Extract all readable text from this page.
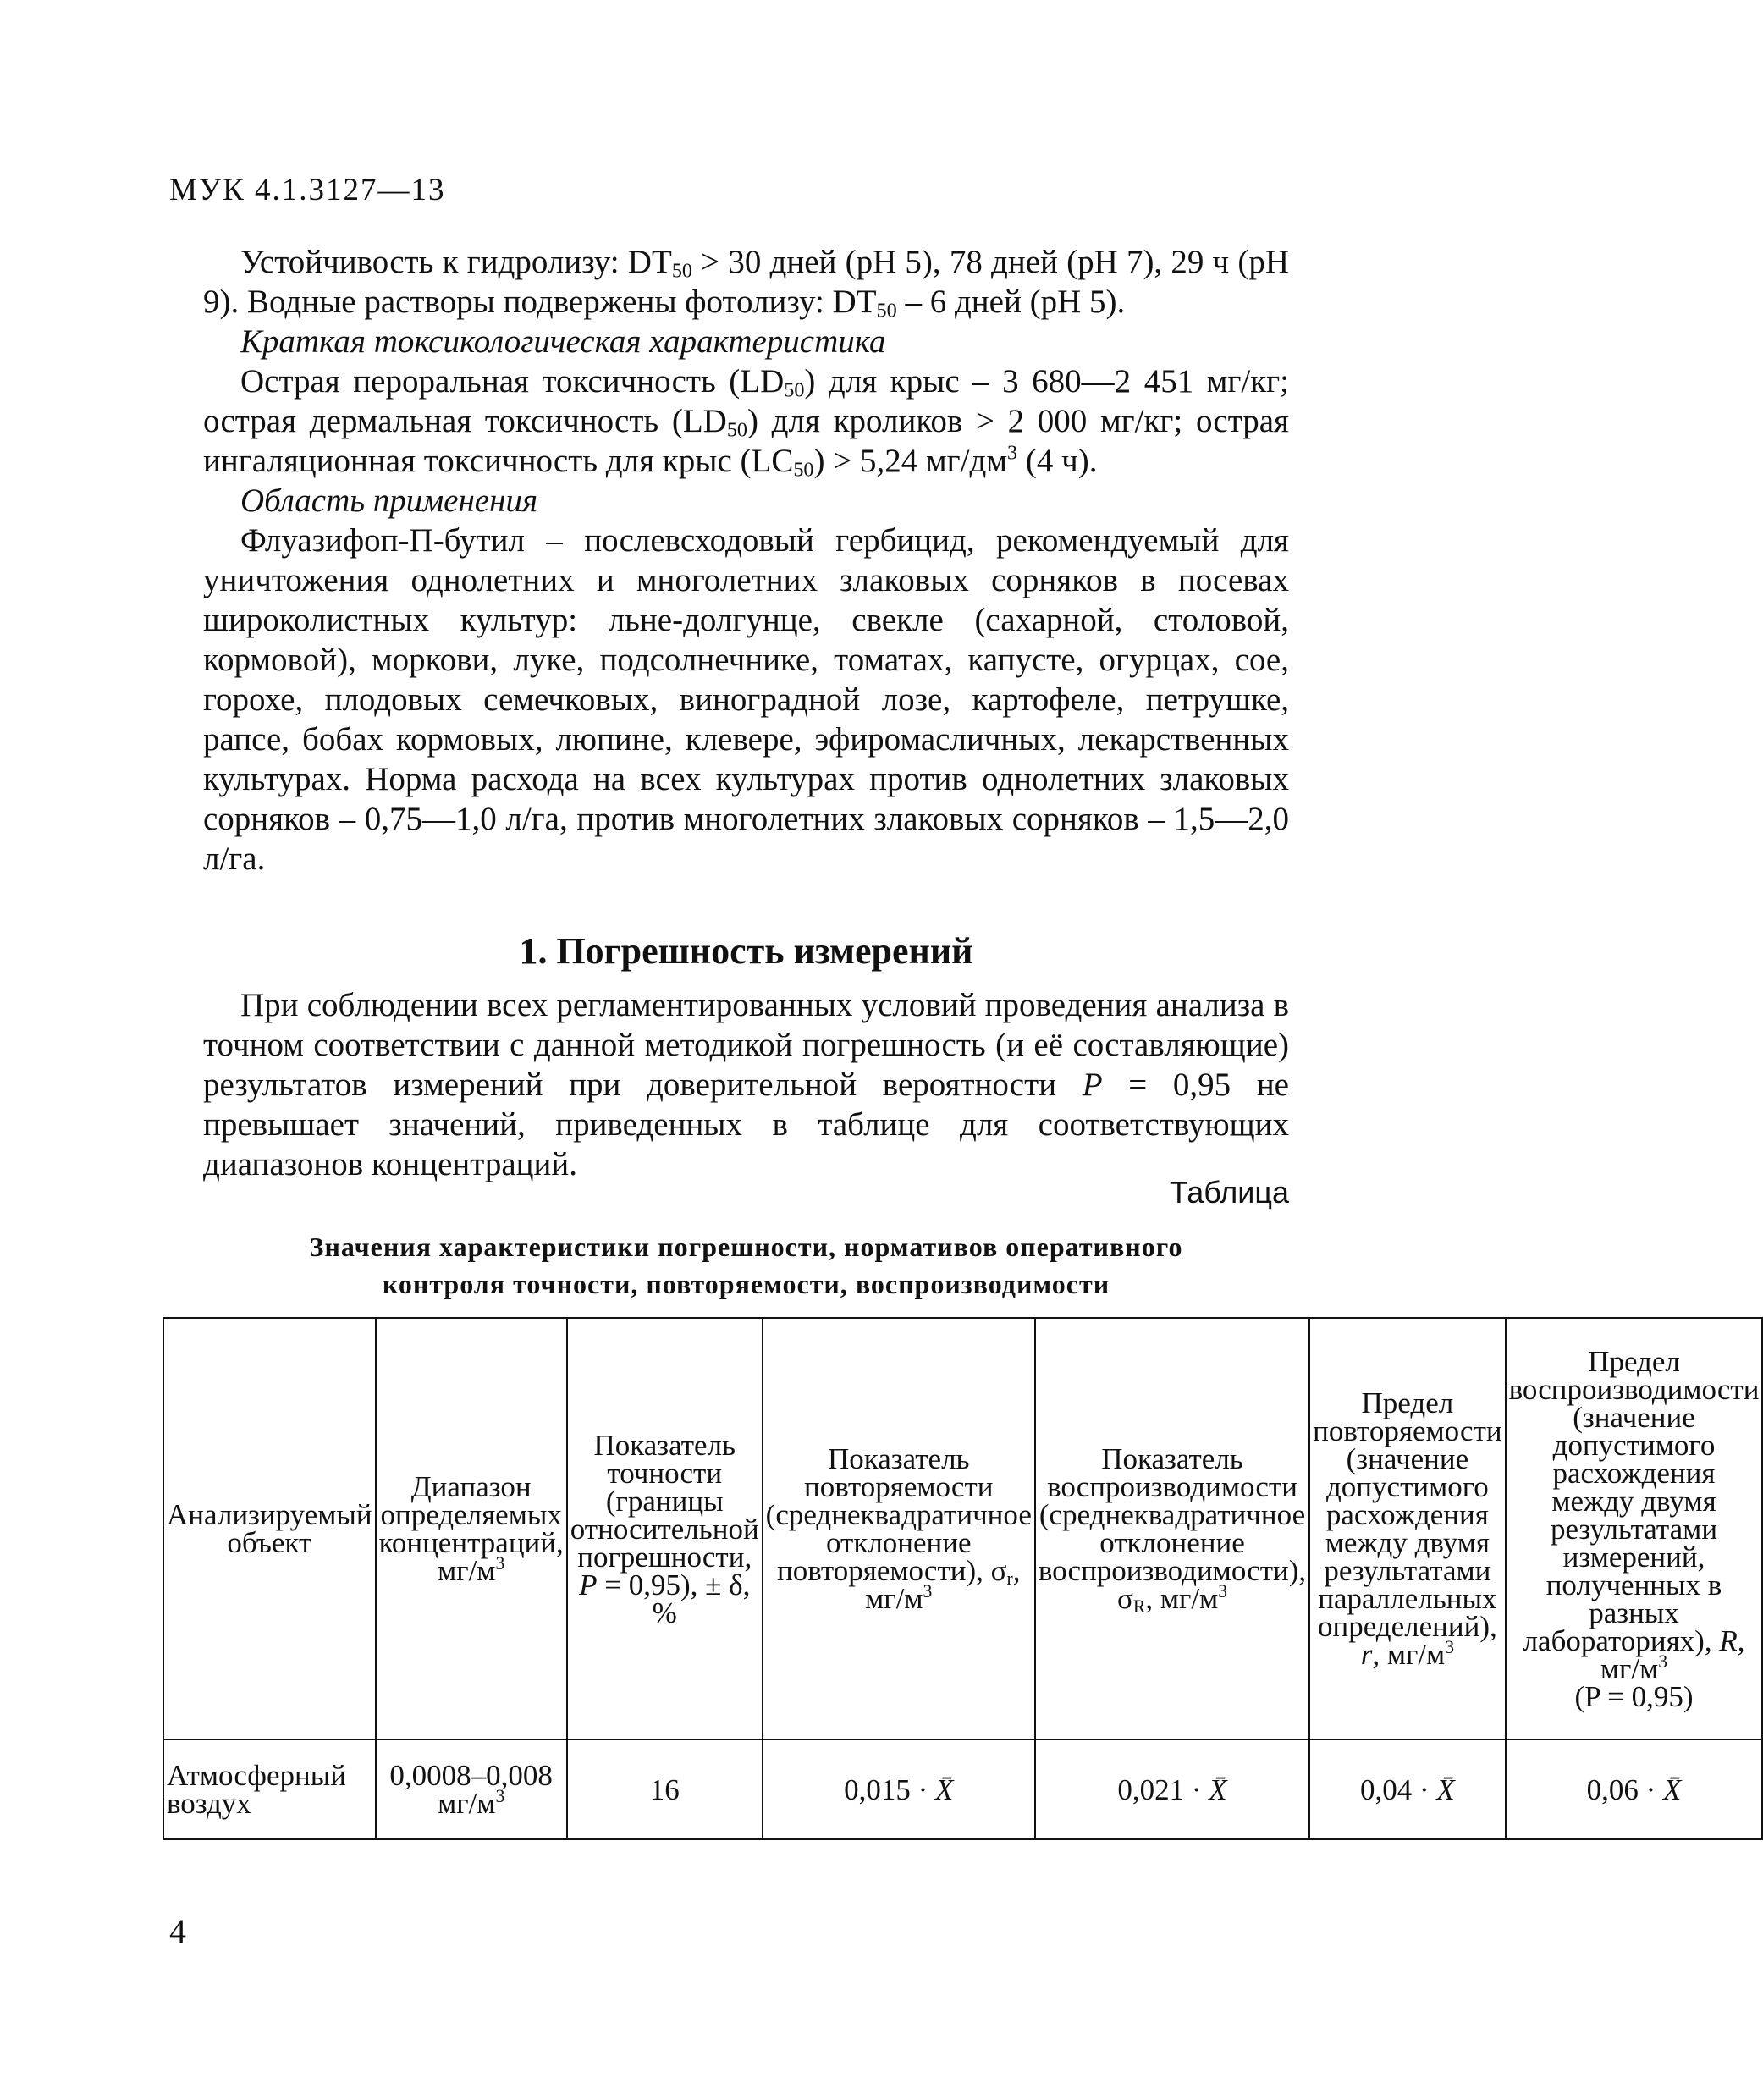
МУК 4.1.3127—13

Устойчивость к гидролизу: $DT_{50} > 30$ дней (pH 5), 78 дней (pH 7), 29 ч (pH 9). Водные растворы подвержены фотолизу: $DT_{50} - 6$ дней (pH 5).

Краткая токсикологическая характеристика

Острая пероральная токсичность $(LD_{50})$ для крыс – 3 680—2 451 мг/кг; острая дермальная токсичность $(LD_{50})$ для кроликов > 2 000 мг/кг; острая ингаляционная токсичность для крыс $(LC_{50}) > 5,24$ $мг/дм^3$ (4 ч).

Область применения

Флуазифоп-П-бутил – послевсходовый гербицид, рекомендуемый для уничтожения однолетних и многолетних злаковых сорняков в посевах широколистных культур: льне-долгунце, свекле (сахарной, столовой, кормовой), моркови, луке, подсолнечнике, томатах, капусте, огурцах, сое, горохе, плодовых семечковых, виноградной лозе, картофеле, петрушке, рапсе, бобах кормовых, люпине, клевере, эфиромасличных, лекарственных культурах. Норма расхода на всех культурах против однолетних злаковых сорняков – 0,75—1,0 л/га, против многолетних злаковых сорняков – 1,5—2,0 л/га.

1. Погрешность измерений

При соблюдении всех регламентированных условий проведения анализа в точном соответствии с данной методикой погрешность (и её составляющие) результатов измерений при доверительной вероятности P = 0,95 не превышает значений, приведенных в таблице для соответствующих диапазонов концентраций.

Таблица
Значения характеристики погрешности, нормативов оперативного
контроля точности, повторяемости, воспроизводимости
Анализируемый объект	Диапазон определяемых концентраций, $мг/м^3$	Показатель точности (границы относительной погрешности, P = 0,95), ± δ, %	Показатель повторяемости (среднеквадратичное отклонение повторяемости), $\sigma_r$, $мг/м^3$	Показатель воспроизводимости (среднеквадратичное отклонение воспроизводимости), $\sigma_R$, $мг/м^3$	Предел повторяемости (значение допустимого расхождения между двумя результатами параллельных определений), r, $мг/м^3$	Предел воспроизводимости (значение допустимого расхождения между двумя результатами измерений, полученных в разных лабораториях), R, $мг/м^3$
(P = 0,95)
Атмосферный воздух	0,0008–0,008 $мг/м^3$	16	0,015 · X̄	0,021 · X̄	0,04 · X̄	0,06 · X̄
4
